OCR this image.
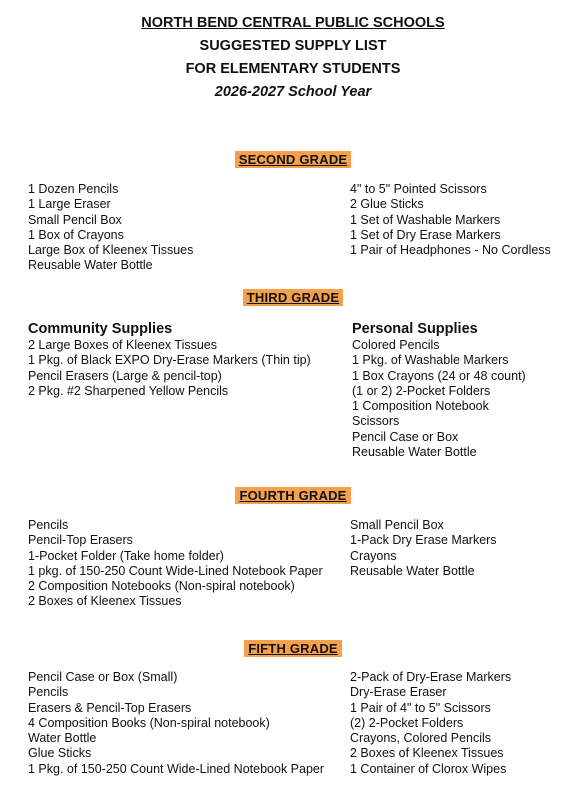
NORTH BEND CENTRAL PUBLIC SCHOOLS
SUGGESTED SUPPLY LIST
FOR ELEMENTARY STUDENTS
2026-2027 School Year
SECOND GRADE
1 Dozen Pencils
1 Large Eraser
Small Pencil Box
1 Box of Crayons
Large Box of Kleenex Tissues
Reusable Water Bottle
4" to 5" Pointed Scissors
2 Glue Sticks
1 Set of Washable Markers
1 Set of Dry Erase Markers
1 Pair of Headphones - No Cordless
THIRD GRADE
Community Supplies
2 Large Boxes of Kleenex Tissues
1 Pkg. of Black EXPO Dry-Erase Markers (Thin tip)
Pencil Erasers (Large & pencil-top)
2 Pkg. #2 Sharpened Yellow Pencils
Personal Supplies
Colored Pencils
1 Pkg. of Washable Markers
1 Box Crayons (24 or 48 count)
(1 or 2) 2-Pocket Folders
1 Composition Notebook
Scissors
Pencil Case or Box
Reusable Water Bottle
FOURTH GRADE
Pencils
Pencil-Top Erasers
1-Pocket Folder (Take home folder)
1 pkg. of 150-250 Count Wide-Lined Notebook Paper
2 Composition Notebooks (Non-spiral notebook)
2 Boxes of Kleenex Tissues
Small Pencil Box
1-Pack Dry Erase Markers
Crayons
Reusable Water Bottle
FIFTH GRADE
Pencil Case or Box (Small)
Pencils
Erasers & Pencil-Top Erasers
4 Composition Books (Non-spiral notebook)
Water Bottle
Glue Sticks
1 Pkg. of 150-250 Count Wide-Lined Notebook Paper
2-Pack of Dry-Erase Markers
Dry-Erase Eraser
1 Pair of 4" to 5" Scissors
(2) 2-Pocket Folders
Crayons, Colored Pencils
2 Boxes of Kleenex Tissues
1 Container of Clorox Wipes
